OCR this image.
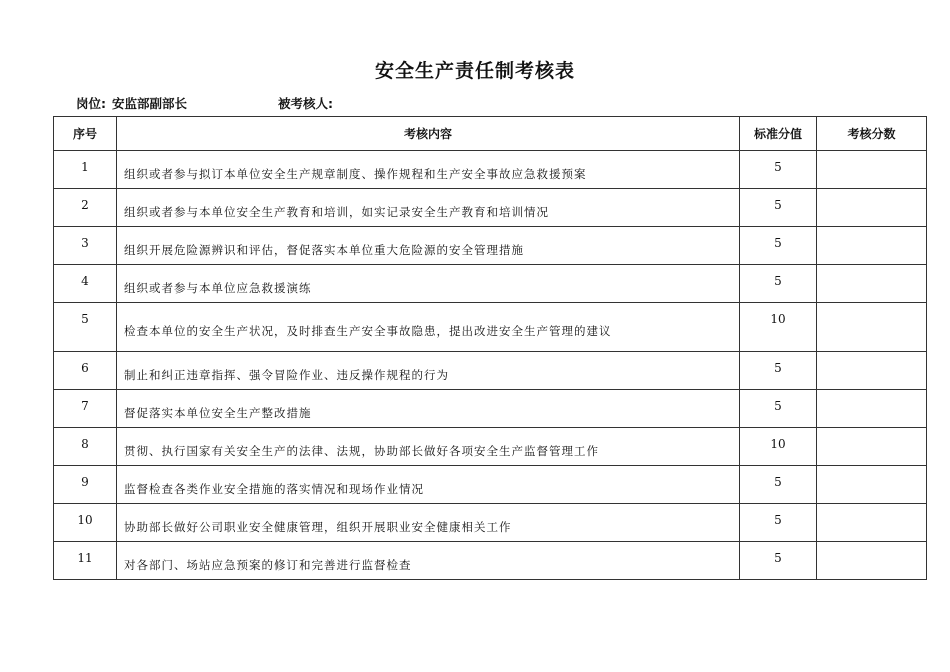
安全生产责任制考核表
岗位: 安监部副部长	被考核人:
序号	考核内容	标准分值	考核分数
1	组织或者参与拟订本单位安全生产规章制度、操作规程和生产安全事故应急救援预案	5	
2	组织或者参与本单位安全生产教育和培训，如实记录安全生产教育和培训情况	5	
3	组织开展危险源辨识和评估，督促落实本单位重大危险源的安全管理措施	5	
4	组织或者参与本单位应急救援演练	5	
5	检查本单位的安全生产状况，及时排查生产安全事故隐患，提出改进安全生产管理的建议	10	
6	制止和纠正违章指挥、强令冒险作业、违反操作规程的行为	5	
7	督促落实本单位安全生产整改措施	5	
8	贯彻、执行国家有关安全生产的法律、法规，协助部长做好各项安全生产监督管理工作	10	
9	监督检查各类作业安全措施的落实情况和现场作业情况	5	
10	协助部长做好公司职业安全健康管理，组织开展职业安全健康相关工作	5	
11	对各部门、场站应急预案的修订和完善进行监督检查	5	
